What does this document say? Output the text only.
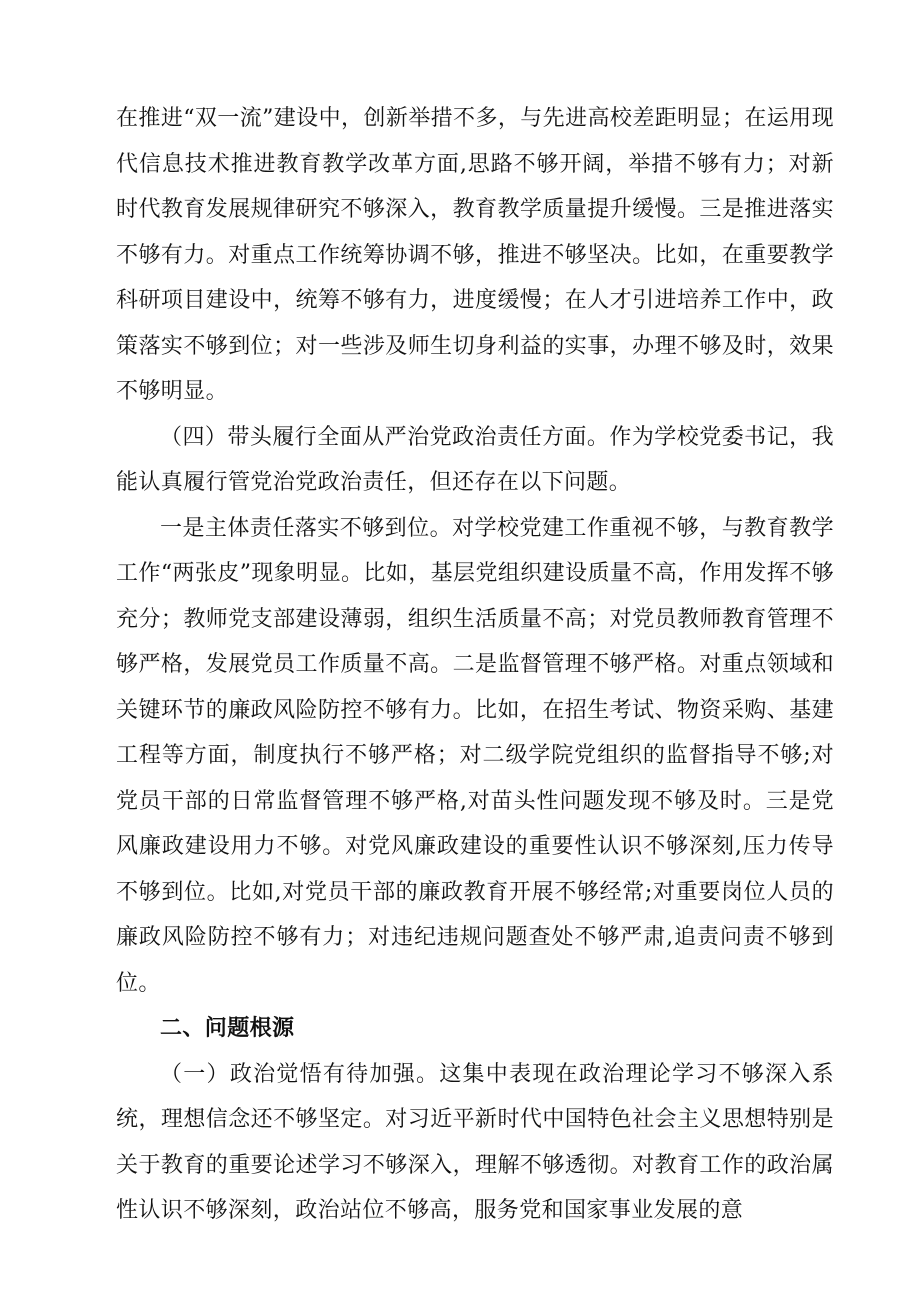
在推进“双一流”建设中，创新举措不多，与先进高校差距明显；在运用现代信息技术推进教育教学改革方面,思路不够开阔，举措不够有力；对新时代教育发展规律研究不够深入，教育教学质量提升缓慢。三是推进落实不够有力。对重点工作统筹协调不够，推进不够坚决。比如，在重要教学科研项目建设中，统筹不够有力，进度缓慢；在人才引进培养工作中，政策落实不够到位；对一些涉及师生切身利益的实事，办理不够及时，效果不够明显。

（四）带头履行全面从严治党政治责任方面。作为学校党委书记，我能认真履行管党治党政治责任，但还存在以下问题。

一是主体责任落实不够到位。对学校党建工作重视不够，与教育教学工作“两张皮”现象明显。比如，基层党组织建设质量不高，作用发挥不够充分；教师党支部建设薄弱，组织生活质量不高；对党员教师教育管理不够严格，发展党员工作质量不高。二是监督管理不够严格。对重点领域和关键环节的廉政风险防控不够有力。比如，在招生考试、物资采购、基建工程等方面，制度执行不够严格；对二级学院党组织的监督指导不够;对党员干部的日常监督管理不够严格,对苗头性问题发现不够及时。三是党风廉政建设用力不够。对党风廉政建设的重要性认识不够深刻,压力传导不够到位。比如,对党员干部的廉政教育开展不够经常;对重要岗位人员的廉政风险防控不够有力；对违纪违规问题查处不够严肃,追责问责不够到位。

二、问题根源

（一）政治觉悟有待加强。这集中表现在政治理论学习不够深入系统，理想信念还不够坚定。对习近平新时代中国特色社会主义思想特别是关于教育的重要论述学习不够深入，理解不够透彻。对教育工作的政治属性认识不够深刻，政治站位不够高，服务党和国家事业发展的意
